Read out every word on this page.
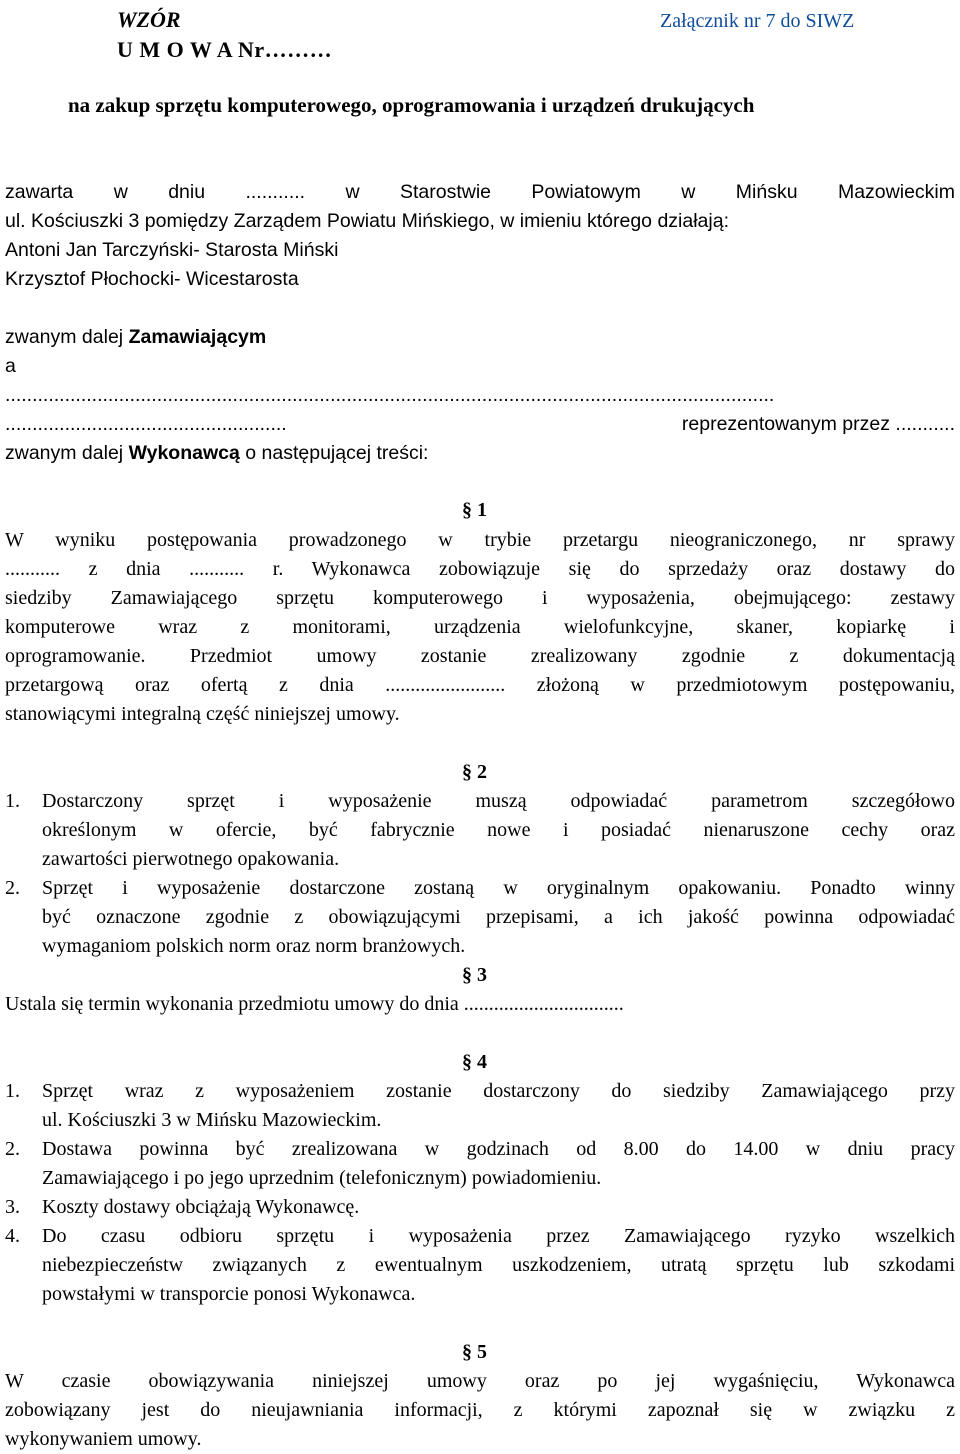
WZÓR	Załącznik nr 7 do SIWZ
U M O W A Nr………
na zakup sprzętu komputerowego, oprogramowania i urządzeń drukujących
zawarta w dniu ........... w Starostwie Powiatowym w Mińsku Mazowieckim
ul. Kościuszki 3 pomiędzy Zarządem Powiatu Mińskiego, w imieniu którego działają:
Antoni Jan Tarczyński- Starosta Miński
Krzysztof Płochocki- Wicestarosta
zwanym dalej Zamawiającym
a
..............................................................................................................................................
....................................................	reprezentowanym przez ...........
zwanym dalej Wykonawcą o następującej treści:
§ 1
W wyniku postępowania prowadzonego w trybie przetargu nieograniczonego, nr sprawy
........... z dnia ........... r. Wykonawca zobowiązuje się do sprzedaży oraz dostawy do
siedziby Zamawiającego sprzętu komputerowego i wyposażenia, obejmującego: zestawy
komputerowe wraz z monitorami, urządzenia wielofunkcyjne, skaner, kopiarkę i
oprogramowanie. Przedmiot umowy zostanie zrealizowany zgodnie z dokumentacją
przetargową oraz ofertą z dnia ........................ złożoną w przedmiotowym postępowaniu,
stanowiącymi integralną część niniejszej umowy.
§ 2
1. Dostarczony sprzęt i wyposażenie muszą odpowiadać parametrom szczegółowo
określonym w ofercie, być fabrycznie nowe i posiadać nienaruszone cechy oraz
zawartości pierwotnego opakowania.
2. Sprzęt i wyposażenie dostarczone zostaną w oryginalnym opakowaniu. Ponadto winny
być oznaczone zgodnie z obowiązującymi przepisami, a ich jakość powinna odpowiadać
wymaganiom polskich norm oraz norm branżowych.
§ 3
Ustala się termin wykonania przedmiotu umowy do dnia ................................
§ 4
1. Sprzęt wraz z wyposażeniem zostanie dostarczony do siedziby Zamawiającego przy
ul. Kościuszki 3 w Mińsku Mazowieckim.
2. Dostawa powinna być zrealizowana w godzinach od 8.00 do 14.00 w dniu pracy
Zamawiającego i po jego uprzednim (telefonicznym) powiadomieniu.
3. Koszty dostawy obciążają Wykonawcę.
4. Do czasu odbioru sprzętu i wyposażenia przez Zamawiającego ryzyko wszelkich
niebezpieczeństw związanych z ewentualnym uszkodzeniem, utratą sprzętu lub szkodami
powstałymi w transporcie ponosi Wykonawca.
§ 5
W czasie obowiązywania niniejszej umowy oraz po jej wygaśnięciu, Wykonawca
zobowiązany jest do nieujawniania informacji, z którymi zapoznał się w związku z
wykonywaniem umowy.
